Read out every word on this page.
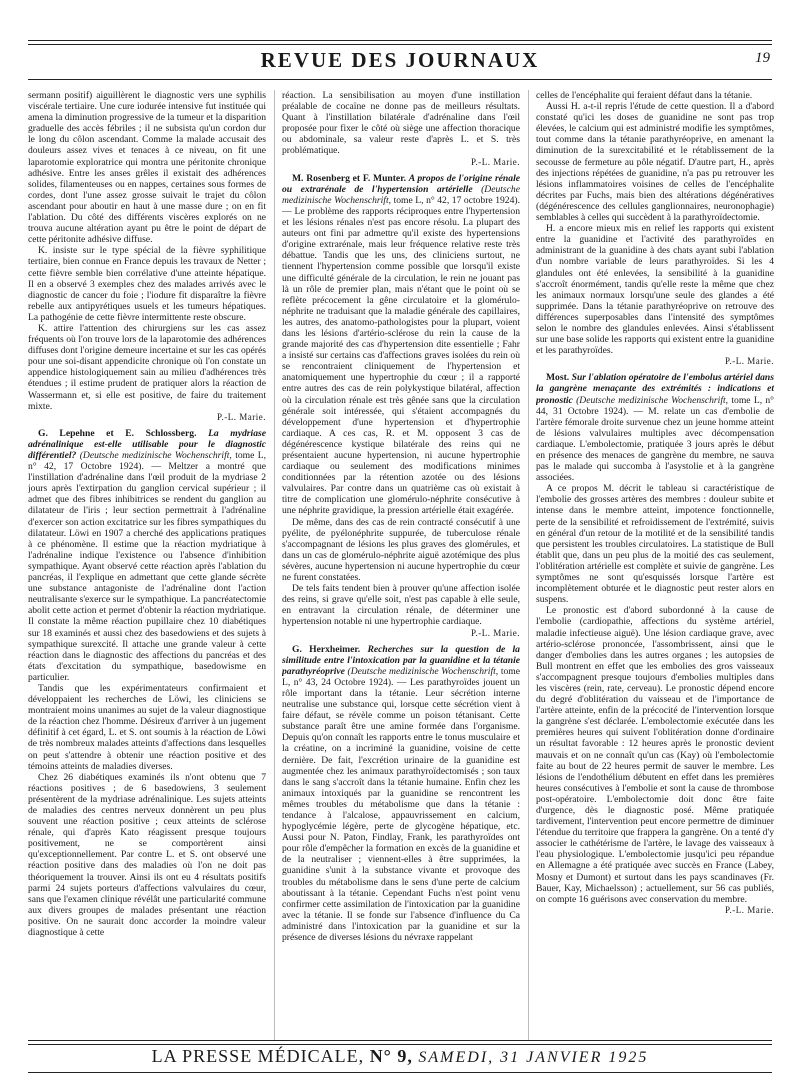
REVUE DES JOURNAUX	19

sermann positif) aiguillèrent le diagnostic vers une syphilis viscérale tertiaire. Une cure iodurée intensive fut instituée qui amena la diminution progressive de la tumeur et la disparition graduelle des accès fébriles ; il ne subsista qu'un cordon dur le long du côlon ascendant. Comme la malade accusait des douleurs assez vives et tenaces à ce niveau, on fit une laparotomie exploratrice qui montra une péritonite chronique adhésive. Entre les anses grêles il existait des adhérences solides, filamenteuses ou en nappes, certaines sous formes de cordes, dont l'une assez grosse suivait le trajet du côlon ascendant pour aboutir en haut à une masse dure ; on en fit l'ablation. Du côté des différents viscères explorés on ne trouva aucune altération ayant pu être le point de départ de cette péritonite adhésive diffuse.

K. insiste sur le type spécial de la fièvre syphilitique tertiaire, bien connue en France depuis les travaux de Netter ; cette fièvre semble bien corrélative d'une atteinte hépatique. Il en a observé 3 exemples chez des malades arrivés avec le diagnostic de cancer du foie ; l'iodure fit disparaître la fièvre rebelle aux antipyrétiques usuels et les tumeurs hépatiques. La pathogénie de cette fièvre intermittente reste obscure.

K. attire l'attention des chirurgiens sur les cas assez fréquents où l'on trouve lors de la laparotomie des adhérences diffuses dont l'origine demeure incertaine et sur les cas opérés pour une soi-disant appendicite chronique où l'on constate un appendice histologiquement sain au milieu d'adhérences très étendues ; il estime prudent de pratiquer alors la réaction de Wassermann et, si elle est positive, de faire du traitement mixte.

P.-L. Marie.

G. Lepehne et E. Schlossberg. La mydriase adrénalinique est-elle utilisable pour le diagnostic différentiel? (Deutsche medizinische Wochenschrift, tome L, n° 42, 17 Octobre 1924). — Meltzer a montré que l'instillation d'adrénaline dans l'œil produit de la mydriase 2 jours après l'extirpation du ganglion cervical supérieur ; il admet que des fibres inhibitrices se rendent du ganglion au dilatateur de l'iris ; leur section permettrait à l'adrénaline d'exercer son action excitatrice sur les fibres sympathiques du dilatateur. Löwi en 1907 a cherché des applications pratiques à ce phénomène. Il estime que la réaction mydriatique à l'adrénaline indique l'existence ou l'absence d'inhibition sympathique. Ayant observé cette réaction après l'ablation du pancréas, il l'explique en admettant que cette glande sécrète une substance antagoniste de l'adrénaline dont l'action neutralisante s'exerce sur le sympathique. La pancréatectomie abolit cette action et permet d'obtenir la réaction mydriatique. Il constate la même réaction pupillaire chez 10 diabétiques sur 18 examinés et aussi chez des basedowiens et des sujets à sympathique surexcité. Il attache une grande valeur à cette réaction dans le diagnostic des affections du pancréas et des états d'excitation du sympathique, basedowisme en particulier.

Tandis que les expérimentateurs confirmaient et développaient les recherches de Löwi, les cliniciens se montraient moins unanimes au sujet de la valeur diagnostique de la réaction chez l'homme. Désireux d'arriver à un jugement définitif à cet égard, L. et S. ont soumis à la réaction de Löwi de très nombreux malades atteints d'affections dans lesquelles on peut s'attendre à obtenir une réaction positive et des témoins atteints de maladies diverses.

Chez 26 diabétiques examinés ils n'ont obtenu que 7 réactions positives ; de 6 basedowiens, 3 seulement présentèrent de la mydriase adrénalinique. Les sujets atteints de maladies des centres nerveux donnèrent un peu plus souvent une réaction positive ; ceux atteints de sclérose rénale, qui d'après Kato réagissent presque toujours positivement, ne se comportèrent ainsi qu'exceptionnellement. Par contre L. et S. ont observé une réaction positive dans des maladies où l'on ne doit pas théoriquement la trouver. Ainsi ils ont eu 4 résultats positifs parmi 24 sujets porteurs d'affections valvulaires du cœur, sans que l'examen clinique révélât une particularité commune aux divers groupes de malades présentant une réaction positive. On ne saurait donc accorder la moindre valeur diagnostique à cette

réaction. La sensibilisation au moyen d'une instillation préalable de cocaïne ne donne pas de meilleurs résultats. Quant à l'instillation bilatérale d'adrénaline dans l'œil proposée pour fixer le côté où siège une affection thoracique ou abdominale, sa valeur reste d'après L. et S. très problématique.

P.-L. Marie.

M. Rosenberg et F. Munter. A propos de l'origine rénale ou extrarénale de l'hypertension artérielle (Deutsche medizinische Wochenschrift, tome L, n° 42, 17 octobre 1924). — Le problème des rapports réciproques entre l'hypertension et les lésions rénales n'est pas encore résolu. La plupart des auteurs ont fini par admettre qu'il existe des hypertensions d'origine extrarénale, mais leur fréquence relative reste très débattue. Tandis que les uns, des cliniciens surtout, ne tiennent l'hypertension comme possible que lorsqu'il existe une difficulté générale de la circulation, le rein ne jouant pas là un rôle de premier plan, mais n'étant que le point où se reflète précocement la gêne circulatoire et la glomérulo-néphrite ne traduisant que la maladie générale des capillaires, les autres, des anatomo-pathologistes pour la plupart, voient dans les lésions d'artério-sclérose du rein la cause de la grande majorité des cas d'hypertension dite essentielle ; Fahr a insisté sur certains cas d'affections graves isolées du rein où se rencontraient cliniquement de l'hypertension et anatomiquement une hypertrophie du cœur ; il a rapporté entre autres des cas de rein polykystique bilatéral, affection où la circulation rénale est très gênée sans que la circulation générale soit intéressée, qui s'étaient accompagnés du développement d'une hypertension et d'hypertrophie cardiaque. A ces cas, R. et M. opposent 3 cas de dégénérescence kystique bilatérale des reins qui ne présentaient aucune hypertension, ni aucune hypertrophie cardiaque ou seulement des modifications minimes conditionnées par la rétention azotée ou des lésions valvulaires. Par contre dans un quatrième cas où existait à titre de complication une glomérulo-néphrite consécutive à une néphrite gravidique, la pression artérielle était exagérée.

De même, dans des cas de rein contracté consécutif à une pyélite, de pyélonéphrite suppurée, de tuberculose rénale s'accompagnant de lésions les plus graves des glomérules, et dans un cas de glomérulo-néphrite aiguë azotémique des plus sévères, aucune hypertension ni aucune hypertrophie du cœur ne furent constatées.

De tels faits tendent bien à prouver qu'une affection isolée des reins, si grave qu'elle soit, n'est pas capable à elle seule, en entravant la circulation rénale, de déterminer une hypertension notable ni une hypertrophie cardiaque.

P.-L. Marie.

G. Herxheimer. Recherches sur la question de la similitude entre l'intoxication par la guanidine et la tétanie parathyréoprive (Deutsche medizinische Wochenschrift, tome L, n° 43, 24 Octobre 1924). — Les parathyroïdes jouent un rôle important dans la tétanie. Leur sécrétion interne neutralise une substance qui, lorsque cette sécrétion vient à faire défaut, se révèle comme un poison tétanisant. Cette substance paraît être une amine formée dans l'organisme. Depuis qu'on connaît les rapports entre le tonus musculaire et la créatine, on a incriminé la guanidine, voisine de cette dernière. De fait, l'excrétion urinaire de la guanidine est augmentée chez les animaux parathyroïdectomisés ; son taux dans le sang s'accroît dans la tétanie humaine. Enfin chez les animaux intoxiqués par la guanidine se rencontrent les mêmes troubles du métabolisme que dans la tétanie : tendance à l'alcalose, appauvrissement en calcium, hypoglycémie légère, perte de glycogène hépatique, etc. Aussi pour N. Paton, Findlay, Frank, les parathyroïdes ont pour rôle d'empêcher la formation en excès de la guanidine et de la neutraliser ; viennent-elles à être supprimées, la guanidine s'unit à la substance vivante et provoque des troubles du métabolisme dans le sens d'une perte de calcium aboutissant à la tétanie. Cependant Fuchs n'est point venu confirmer cette assimilation de l'intoxication par la guanidine avec la tétanie. Il se fonde sur l'absence d'influence du Ca administré dans l'intoxication par la guanidine et sur la présence de diverses lésions du névraxe rappelant

celles de l'encéphalite qui feraient défaut dans la tétanie.

Aussi H. a-t-il repris l'étude de cette question. Il a d'abord constaté qu'ici les doses de guanidine ne sont pas trop élevées, le calcium qui est administré modifie les symptômes, tout comme dans la tétanie parathyréoprive, en amenant la diminution de la surexcitabilité et le rétablissement de la secousse de fermeture au pôle négatif. D'autre part, H., après des injections répétées de guanidine, n'a pas pu retrouver les lésions inflammatoires voisines de celles de l'encéphalite décrites par Fuchs, mais bien des altérations dégénératives (dégénérescence des cellules ganglionnaires, neuronophagie) semblables à celles qui succèdent à la parathyroïdectomie.

H. a encore mieux mis en relief les rapports qui existent entre la guanidine et l'activité des parathyroïdes en administrant de la guanidine à des chats ayant subi l'ablation d'un nombre variable de leurs parathyroïdes. Si les 4 glandules ont été enlevées, la sensibilité à la guanidine s'accroît énormément, tandis qu'elle reste la même que chez les animaux normaux lorsqu'une seule des glandes a été supprimée. Dans la tétanie parathyréoprive on retrouve des différences superposables dans l'intensité des symptômes selon le nombre des glandules enlevées. Ainsi s'établissent sur une base solide les rapports qui existent entre la guanidine et les parathyroïdes.

P.-L. Marie.

Most. Sur l'ablation opératoire de l'embolus artériel dans la gangrène menaçante des extrémités : indications et pronostic (Deutsche medizinische Wochenschrift, tome L, n° 44, 31 Octobre 1924). — M. relate un cas d'embolie de l'artère fémorale droite survenue chez un jeune homme atteint de lésions valvulaires multiples avec décompensation cardiaque. L'embolectomie, pratiquée 3 jours après le début en présence des menaces de gangrène du membre, ne sauva pas le malade qui succomba à l'asystolie et à la gangrène associées.

A ce propos M. décrit le tableau si caractéristique de l'embolie des grosses artères des membres : douleur subite et intense dans le membre atteint, impotence fonctionnelle, perte de la sensibilité et refroidissement de l'extrémité, suivis en général d'un retour de la motilité et de la sensibilité tandis que persistent les troubles circulatoires. La statistique de Bull établit que, dans un peu plus de la moitié des cas seulement, l'oblitération artérielle est complète et suivie de gangrène. Les symptômes ne sont qu'esquissés lorsque l'artère est incomplètement obturée et le diagnostic peut rester alors en suspens.

Le pronostic est d'abord subordonné à la cause de l'embolie (cardiopathie, affections du système artériel, maladie infectieuse aiguë). Une lésion cardiaque grave, avec artério-sclérose prononcée, l'assombrissent, ainsi que le danger d'embolies dans les autres organes ; les autopsies de Bull montrent en effet que les embolies des gros vaisseaux s'accompagnent presque toujours d'embolies multiples dans les viscères (rein, rate, cerveau). Le pronostic dépend encore du degré d'oblitération du vaisseau et de l'importance de l'artère atteinte, enfin de la précocité de l'intervention lorsque la gangrène s'est déclarée. L'embolectomie exécutée dans les premières heures qui suivent l'oblitération donne d'ordinaire un résultat favorable : 12 heures après le pronostic devient mauvais et on ne connaît qu'un cas (Kay) où l'embolectomie faite au bout de 22 heures permit de sauver le membre. Les lésions de l'endothélium débutent en effet dans les premières heures consécutives à l'embolie et sont la cause de thrombose post-opératoire. L'embolectomie doit donc être faite d'urgence, dès le diagnostic posé. Même pratiquée tardivement, l'intervention peut encore permettre de diminuer l'étendue du territoire que frappera la gangrène. On a tenté d'y associer le cathétérisme de l'artère, le lavage des vaisseaux à l'eau physiologique. L'embolectomie jusqu'ici peu répandue en Allemagne a été pratiquée avec succès en France (Labey, Mosny et Dumont) et surtout dans les pays scandinaves (Fr. Bauer, Kay, Michaelsson) ; actuellement, sur 56 cas publiés, on compte 16 guérisons avec conservation du membre.

P.-L. Marie.
LA PRESSE MÉDICALE, N° 9, SAMEDI, 31 JANVIER 1925
